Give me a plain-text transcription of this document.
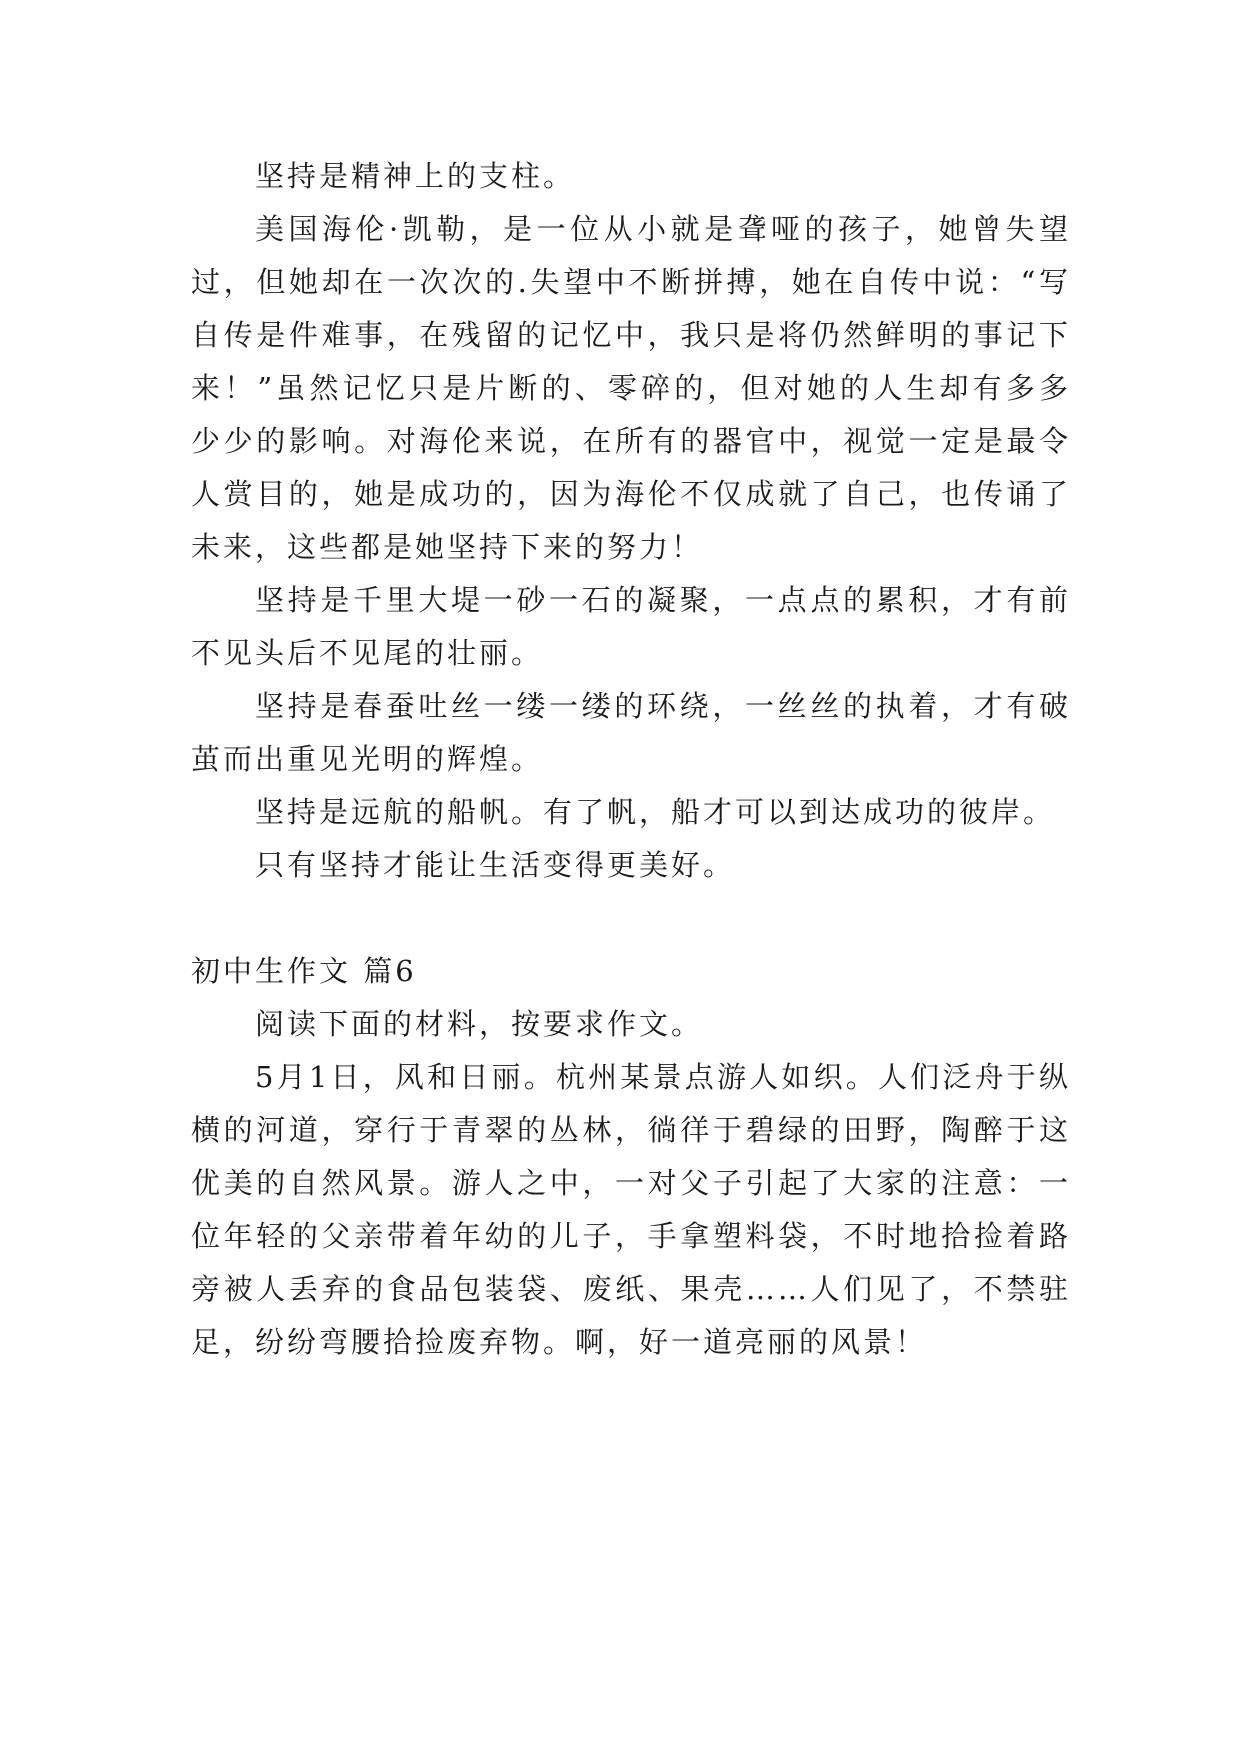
坚持是精神上的支柱。

美国海伦·凯勒，是一位从小就是聋哑的孩子，她曾失望过，但她却在一次次的.失望中不断拼搏，她在自传中说：“写自传是件难事，在残留的记忆中，我只是将仍然鲜明的事记下来！”虽然记忆只是片断的、零碎的，但对她的人生却有多多少少的影响。对海伦来说，在所有的器官中，视觉一定是最令人赏目的，她是成功的，因为海伦不仅成就了自己，也传诵了未来，这些都是她坚持下来的努力！

坚持是千里大堤一砂一石的凝聚，一点点的累积，才有前不见头后不见尾的壮丽。

坚持是春蚕吐丝一缕一缕的环绕，一丝丝的执着，才有破茧而出重见光明的辉煌。

坚持是远航的船帆。有了帆，船才可以到达成功的彼岸。

只有坚持才能让生活变得更美好。

初中生作文 篇6

阅读下面的材料，按要求作文。

5月1日，风和日丽。杭州某景点游人如织。人们泛舟于纵横的河道，穿行于青翠的丛林，徜徉于碧绿的田野，陶醉于这优美的自然风景。游人之中，一对父子引起了大家的注意：一位年轻的父亲带着年幼的儿子，手拿塑料袋，不时地拾捡着路旁被人丢弃的食品包装袋、废纸、果壳……人们见了，不禁驻足，纷纷弯腰拾捡废弃物。啊，好一道亮丽的风景！
